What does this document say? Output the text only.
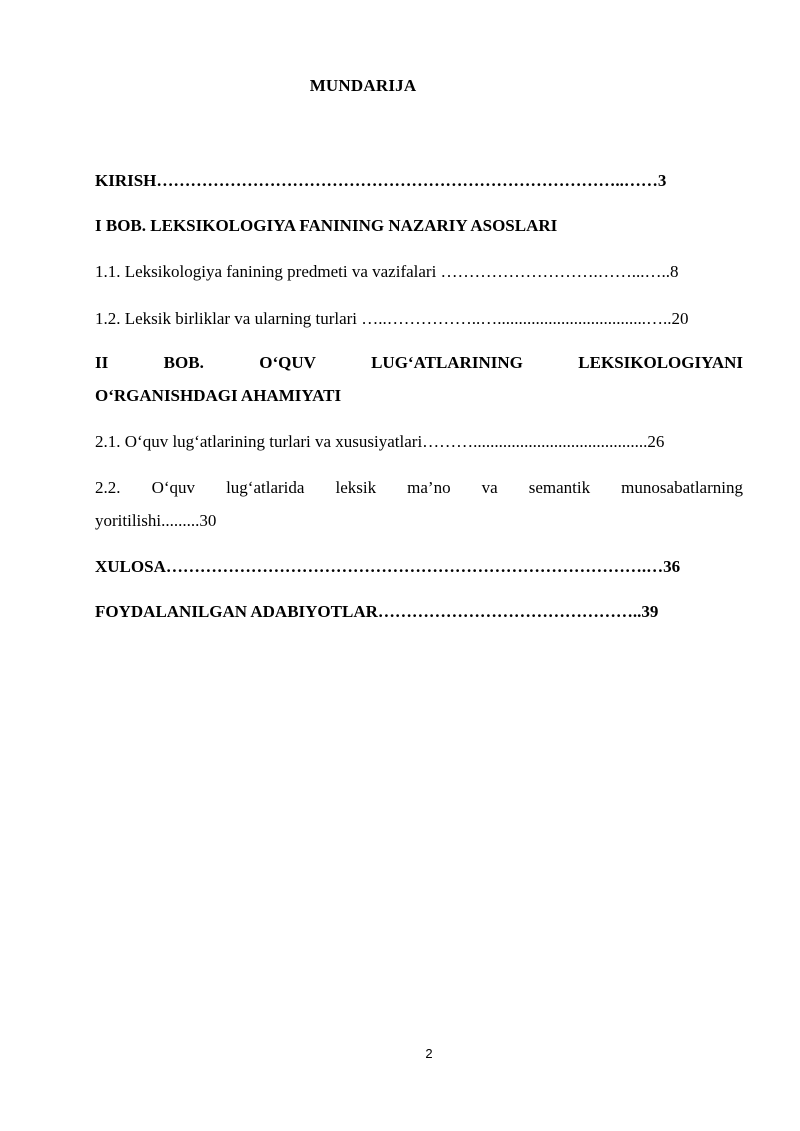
MUNDARIJA
KIRISH………………………………………………………………………..……3
I BOB. LEKSIKOLOGIYA FANINING NAZARIY ASOSLARI
1.1. Leksikologiya fanining predmeti va vazifalari ……………………….……...…..8
1.2. Leksik birliklar va ularning turlari …..……………..…...................................…..20
II BOB. O‘QUV LUG‘ATLARINING LEKSIKOLOGIYANI
O‘RGANISHDAGI AHAMIYATI
2.1. O‘quv lug‘atlarining turlari va xususiyatlari……….........................................26
2.2. O‘quv lug‘atlarida leksik ma’no va semantik munosabatlarning
yoritilishi.........30
XULOSA………………………………………………………………………….…36
FOYDALANILGAN ADABIYOTLAR………………………………………..39
2
